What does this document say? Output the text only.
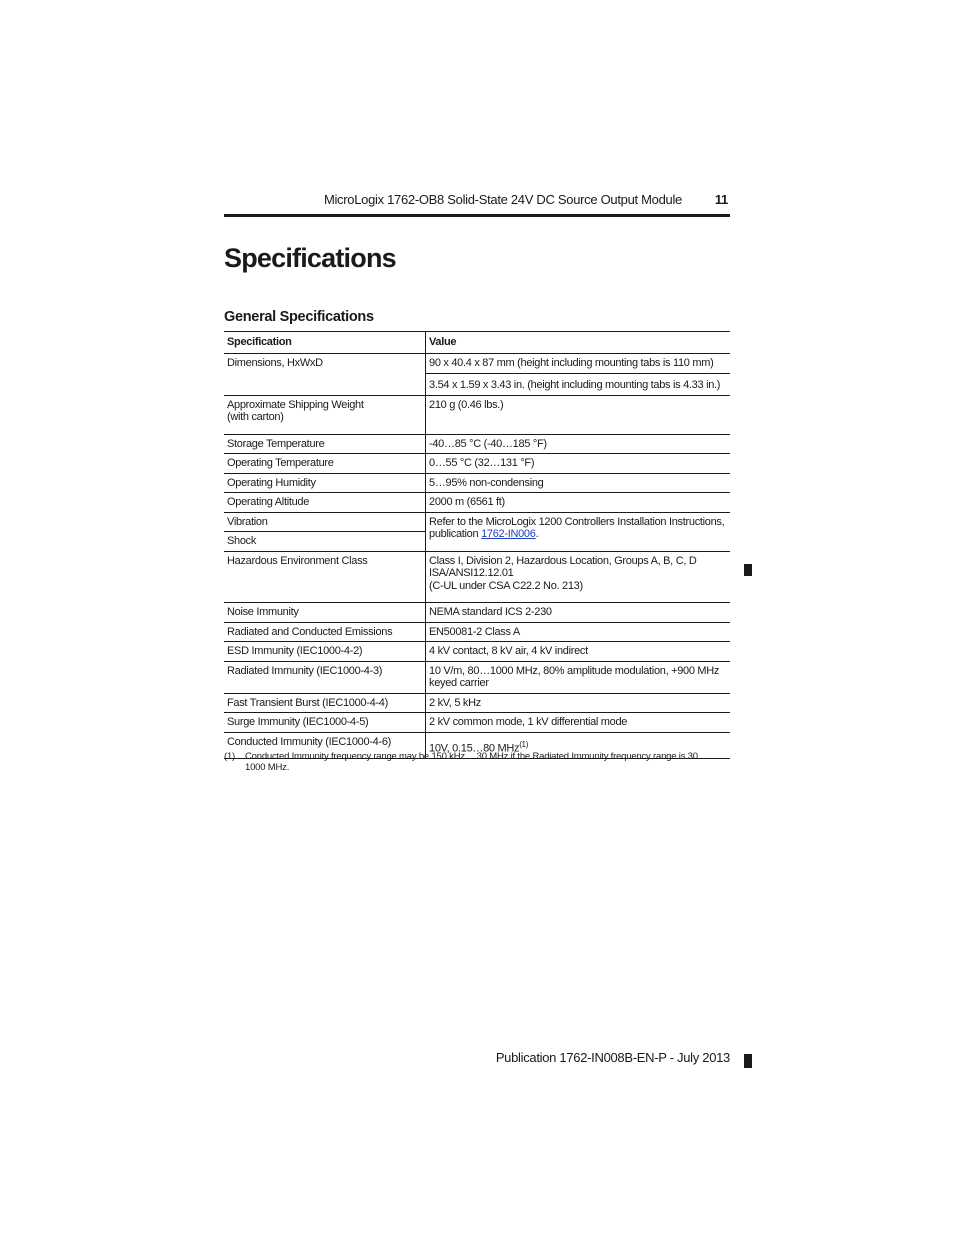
MicroLogix 1762-OB8 Solid-State 24V DC Source Output Module	11
Specifications
General Specifications
Specification	Value
Dimensions, HxWxD	90 x 40.4 x 87 mm (height including mounting tabs is 110 mm)
3.54 x 1.59 x 3.43 in. (height including mounting tabs is 4.33 in.)

Approximate Shipping Weight
(with carton)	210 g (0.46 lbs.)
Storage Temperature	-40…85 °C (-40…185 °F)
Operating Temperature	0…55 °C (32…131 °F)
Operating Humidity	5…95% non-condensing
Operating Altitude	2000 m (6561 ft)
Vibration	Refer to the MicroLogix 1200 Controllers Installation Instructions, publication 1762-IN006.
Shock	
Hazardous Environment Class	Class I, Division 2, Hazardous Location, Groups A, B, C, D
ISA/ANSI12.12.01
(C-UL under CSA C22.2 No. 213)

Noise Immunity	NEMA standard ICS 2-230
Radiated and Conducted Emissions	EN50081-2 Class A
ESD Immunity (IEC1000-4-2)	4 kV contact, 8 kV air, 4 kV indirect
Radiated Immunity (IEC1000-4-3)	10 V/m, 80…1000 MHz, 80% amplitude modulation, +900 MHz keyed carrier
Fast Transient Burst (IEC1000-4-4)	2 kV, 5 kHz
Surge Immunity (IEC1000-4-5)	2 kV common mode, 1 kV differential mode
Conducted Immunity (IEC1000-4-6)	10V, 0.15…80 MHz$^{(1)}$
(1) Conducted Immunity frequency range may be 150 kHz… 30 MHz if the Radiated Immunity frequency range is 30…1000 MHz.
Publication 1762-IN008B-EN-P - July 2013
